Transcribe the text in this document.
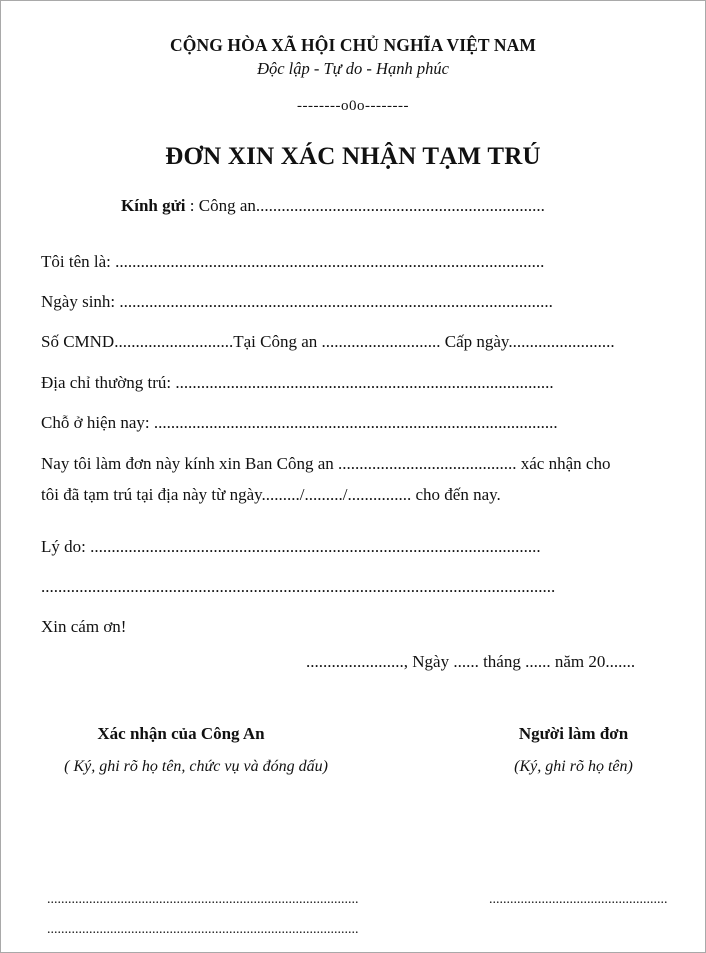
CỘNG HÒA XÃ HỘI CHỦ NGHĨA VIỆT NAM
Độc lập - Tự do - Hạnh phúc
--------o0o--------
ĐƠN XIN XÁC NHẬN TẠM TRÚ
Kính gửi : Công an....................................................................
Tôi tên là: .....................................................................................................
Ngày sinh: ......................................................................................................
Số CMND............................Tại Công an ............................ Cấp ngày.........................
Địa chỉ thường trú: .........................................................................................
Chỗ ở hiện nay: ...............................................................................................
Nay tôi làm đơn này kính xin Ban Công an .......................................... xác nhận cho
tôi đã tạm trú tại địa này từ ngày........./........./............... cho đến nay.
Lý do: ..........................................................................................................
.........................................................................................................................
Xin cám ơn!
......................., Ngày ...... tháng ...... năm 20.......
Xác nhận của Công An
( Ký, ghi rõ họ tên, chức vụ và đóng dấu)
Người làm đơn
(Ký, ghi rõ họ tên)
.........................................................................................
.........................................................................................
...................................................
